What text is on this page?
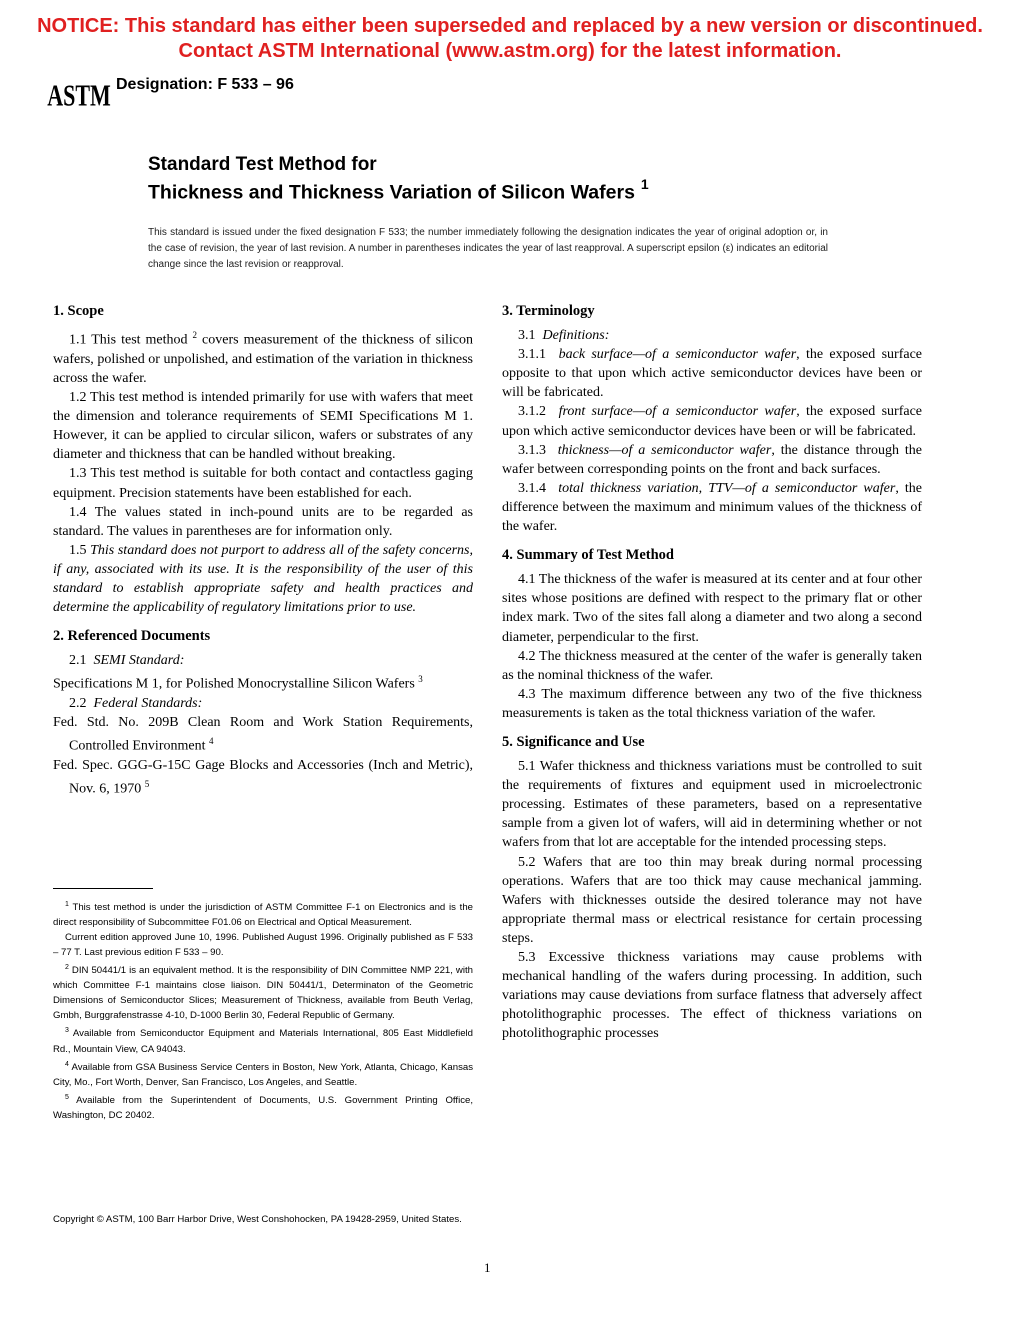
NOTICE: This standard has either been superseded and replaced by a new version or discontinued.
Contact ASTM International (www.astm.org) for the latest information.
ASTM Designation: F 533 – 96
Standard Test Method for
Thickness and Thickness Variation of Silicon Wafers $^1$
This standard is issued under the fixed designation F 533; the number immediately following the designation indicates the year of original adoption or, in the case of revision, the year of last revision. A number in parentheses indicates the year of last reapproval. A superscript epsilon (ε) indicates an editorial change since the last revision or reapproval.
1. Scope

1.1 This test method $^2$ covers measurement of the thickness of silicon wafers, polished or unpolished, and estimation of the variation in thickness across the wafer.

1.2 This test method is intended primarily for use with wafers that meet the dimension and tolerance requirements of SEMI Specifications M 1. However, it can be applied to circular silicon, wafers or substrates of any diameter and thickness that can be handled without breaking.

1.3 This test method is suitable for both contact and contactless gaging equipment. Precision statements have been established for each.

1.4 The values stated in inch-pound units are to be regarded as standard. The values in parentheses are for information only.

1.5 This standard does not purport to address all of the safety concerns, if any, associated with its use. It is the responsibility of the user of this standard to establish appropriate safety and health practices and determine the applicability of regulatory limitations prior to use.

2. Referenced Documents

2.1 SEMI Standard:

Specifications M 1, for Polished Monocrystalline Silicon Wafers $^3$

2.2 Federal Standards:

Fed. Std. No. 209B Clean Room and Work Station Requirements, Controlled Environment $^4$

Fed. Spec. GGG-G-15C Gage Blocks and Accessories (Inch and Metric), Nov. 6, 1970 $^5$

$^1$ This test method is under the jurisdiction of ASTM Committee F-1 on Electronics and is the direct responsibility of Subcommittee F01.06 on Electrical and Optical Measurement.

Current edition approved June 10, 1996. Published August 1996. Originally published as F 533 – 77 T. Last previous edition F 533 – 90.

$^2$ DIN 50441/1 is an equivalent method. It is the responsibility of DIN Committee NMP 221, with which Committee F-1 maintains close liaison. DIN 50441/1, Determinaton of the Geometric Dimensions of Semiconductor Slices; Measurement of Thickness, available from Beuth Verlag, Gmbh, Burggrafenstrasse 4-10, D-1000 Berlin 30, Federal Republic of Germany.

$^3$ Available from Semiconductor Equipment and Materials International, 805 East Middlefield Rd., Mountain View, CA 94043.

$^4$ Available from GSA Business Service Centers in Boston, New York, Atlanta, Chicago, Kansas City, Mo., Fort Worth, Denver, San Francisco, Los Angeles, and Seattle.

$^5$ Available from the Superintendent of Documents, U.S. Government Printing Office, Washington, DC 20402.

3. Terminology

3.1 Definitions:

3.1.1 back surface—of a semiconductor wafer, the exposed surface opposite to that upon which active semiconductor devices have been or will be fabricated.

3.1.2 front surface—of a semiconductor wafer, the exposed surface upon which active semiconductor devices have been or will be fabricated.

3.1.3 thickness—of a semiconductor wafer, the distance through the wafer between corresponding points on the front and back surfaces.

3.1.4 total thickness variation, TTV—of a semiconductor wafer, the difference between the maximum and minimum values of the thickness of the wafer.

4. Summary of Test Method

4.1 The thickness of the wafer is measured at its center and at four other sites whose positions are defined with respect to the primary flat or other index mark. Two of the sites fall along a diameter and two along a second diameter, perpendicular to the first.

4.2 The thickness measured at the center of the wafer is generally taken as the nominal thickness of the wafer.

4.3 The maximum difference between any two of the five thickness measurements is taken as the total thickness variation of the wafer.

5. Significance and Use

5.1 Wafer thickness and thickness variations must be controlled to suit the requirements of fixtures and equipment used in microelectronic processing. Estimates of these parameters, based on a representative sample from a given lot of wafers, will aid in determining whether or not wafers from that lot are acceptable for the intended processing steps.

5.2 Wafers that are too thin may break during normal processing operations. Wafers that are too thick may cause mechanical jamming. Wafers with thicknesses outside the desired tolerance may not have appropriate thermal mass or electrical resistance for certain processing steps.

5.3 Excessive thickness variations may cause problems with mechanical handling of the wafers during processing. In addition, such variations may cause deviations from surface flatness that adversely affect photolithographic processes. The effect of thickness variations on photolithographic processes

Copyright © ASTM, 100 Barr Harbor Drive, West Conshohocken, PA 19428-2959, United States.
1
